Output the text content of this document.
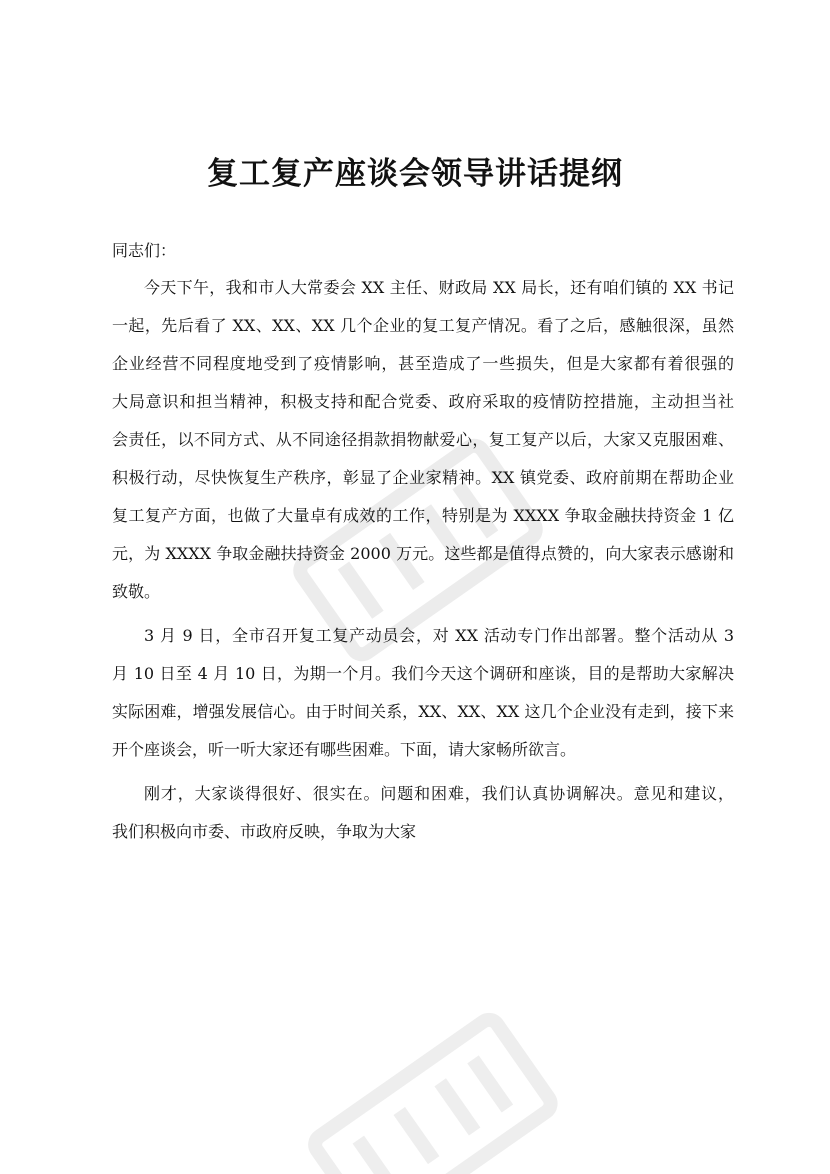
复工复产座谈会领导讲话提纲

同志们：

今天下午，我和市人大常委会 XX 主任、财政局 XX 局长，还有咱们镇的 XX 书记
一起，先后看了 XX、XX、XX 几个企业的复工复产情况。看了之后，感触很深，虽然
企业经营不同程度地受到了疫情影响，甚至造成了一些损失，但是大家都有着很强的
大局意识和担当精神，积极支持和配合党委、政府采取的疫情防控措施，主动担当社
会责任，以不同方式、从不同途径捐款捐物献爱心，复工复产以后，大家又克服困难、
积极行动，尽快恢复生产秩序，彰显了企业家精神。XX 镇党委、政府前期在帮助企业
复工复产方面，也做了大量卓有成效的工作，特别是为 XXXX 争取金融扶持资金 1 亿
元，为 XXXX 争取金融扶持资金 2000 万元。这些都是值得点赞的，向大家表示感谢和
致敬。

3 月 9 日，全市召开复工复产动员会，对 XX 活动专门作出部署。整个活动从 3
月 10 日至 4 月 10 日，为期一个月。我们今天这个调研和座谈，目的是帮助大家解决
实际困难，增强发展信心。由于时间关系，XX、XX、XX 这几个企业没有走到，接下来
开个座谈会，听一听大家还有哪些困难。下面，请大家畅所欲言。

刚才，大家谈得很好、很实在。问题和困难，我们认真协调解决。意见和建议，
我们积极向市委、市政府反映，争取为大家
